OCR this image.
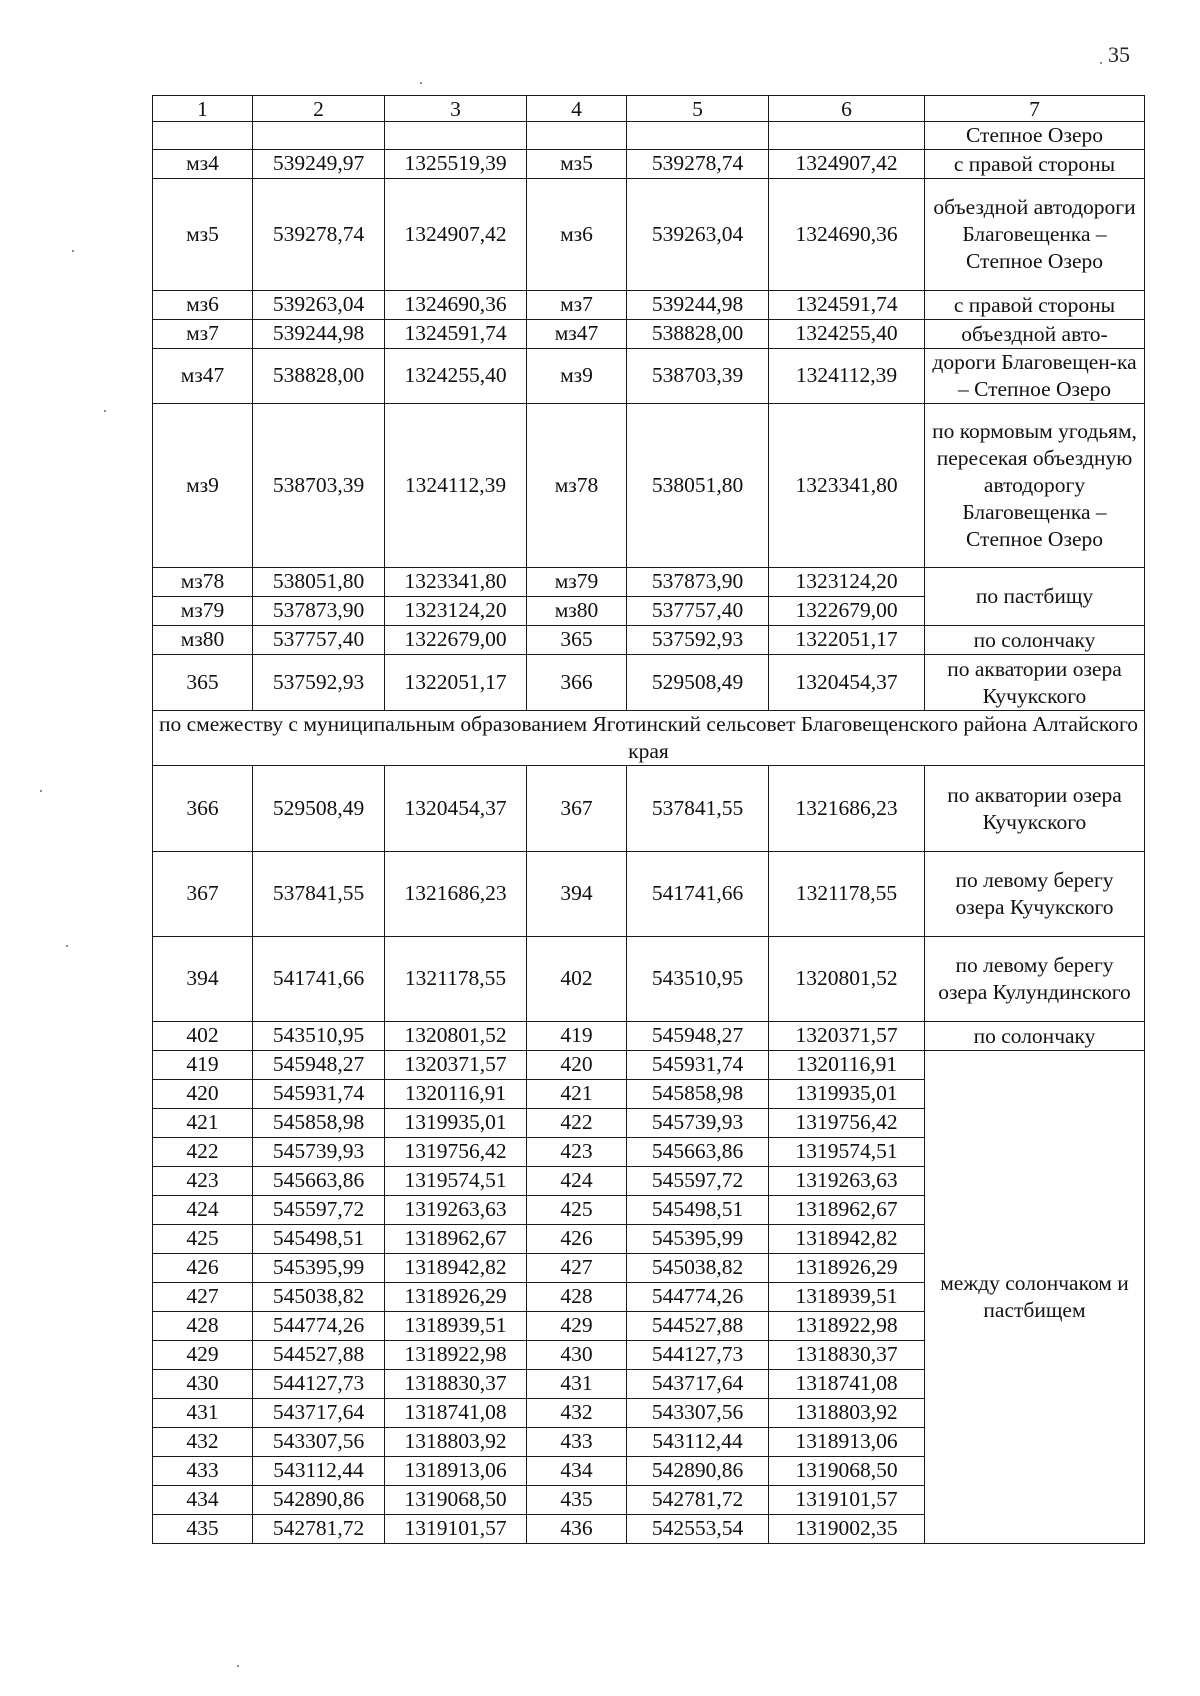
35
1	2	3	4	5	6	7
						Степное Озеро
мз4	539249,97	1325519,39	мз5	539278,74	1324907,42	с правой стороны
мз5	539278,74	1324907,42	мз6	539263,04	1324690,36	объездной автодороги Благовещенка – Степное Озеро
мз6	539263,04	1324690,36	мз7	539244,98	1324591,74	с правой стороны
мз7	539244,98	1324591,74	мз47	538828,00	1324255,40	объездной авто-
мз47	538828,00	1324255,40	мз9	538703,39	1324112,39	дороги Благовещен-ка – Степное Озеро
мз9	538703,39	1324112,39	мз78	538051,80	1323341,80	по кормовым угодьям, пересекая объездную автодорогу Благовещенка – Степное Озеро
мз78	538051,80	1323341,80	мз79	537873,90	1323124,20	по пастбищу
мз79	537873,90	1323124,20	мз80	537757,40	1322679,00	
мз80	537757,40	1322679,00	365	537592,93	1322051,17	по солончаку
365	537592,93	1322051,17	366	529508,49	1320454,37	по акватории озера Кучукского
по смежеству с муниципальным образованием Яготинский сельсовет Благовещенского района Алтайского края						
366	529508,49	1320454,37	367	537841,55	1321686,23	по акватории озера Кучукского
367	537841,55	1321686,23	394	541741,66	1321178,55	по левому берегу озера Кучукского
394	541741,66	1321178,55	402	543510,95	1320801,52	по левому берегу озера Кулундинского
402	543510,95	1320801,52	419	545948,27	1320371,57	по солончаку
419	545948,27	1320371,57	420	545931,74	1320116,91	между солончаком и пастбищем
420	545931,74	1320116,91	421	545858,98	1319935,01	
421	545858,98	1319935,01	422	545739,93	1319756,42	
422	545739,93	1319756,42	423	545663,86	1319574,51	
423	545663,86	1319574,51	424	545597,72	1319263,63	
424	545597,72	1319263,63	425	545498,51	1318962,67	
425	545498,51	1318962,67	426	545395,99	1318942,82	
426	545395,99	1318942,82	427	545038,82	1318926,29	
427	545038,82	1318926,29	428	544774,26	1318939,51	
428	544774,26	1318939,51	429	544527,88	1318922,98	
429	544527,88	1318922,98	430	544127,73	1318830,37	
430	544127,73	1318830,37	431	543717,64	1318741,08	
431	543717,64	1318741,08	432	543307,56	1318803,92	
432	543307,56	1318803,92	433	543112,44	1318913,06	
433	543112,44	1318913,06	434	542890,86	1319068,50	
434	542890,86	1319068,50	435	542781,72	1319101,57	
435	542781,72	1319101,57	436	542553,54	1319002,35	
